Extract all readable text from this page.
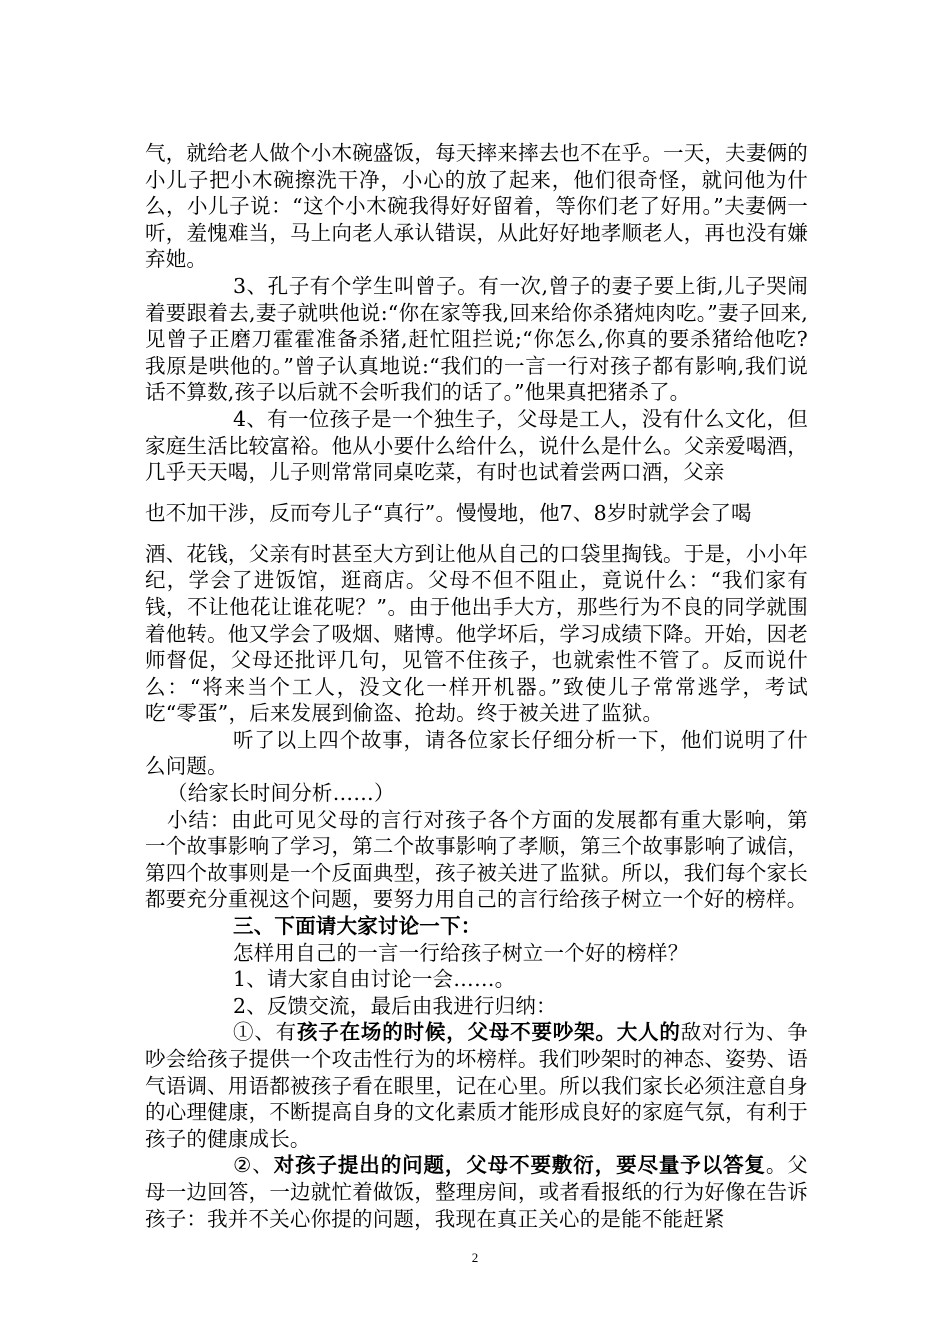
气，就给老人做个小木碗盛饭，每天摔来摔去也不在乎。一天，夫妻俩的小儿子把小木碗擦洗干净，小心的放了起来，他们很奇怪，就问他为什么，小儿子说：“这个小木碗我得好好留着，等你们老了好用。”夫妻俩一听，羞愧难当，马上向老人承认错误，从此好好地孝顺老人，再也没有嫌弃她。

3、孔子有个学生叫曾子。有一次,曾子的妻子要上街,儿子哭闹着要跟着去,妻子就哄他说:“你在家等我,回来给你杀猪炖肉吃。”妻子回来,见曾子正磨刀霍霍准备杀猪,赶忙阻拦说;“你怎么,你真的要杀猪给他吃?我原是哄他的。”曾子认真地说:“我们的一言一行对孩子都有影响,我们说话不算数,孩子以后就不会听我们的话了。”他果真把猪杀了。

4、有一位孩子是一个独生子，父母是工人，没有什么文化，但家庭生活比较富裕。他从小要什么给什么，说什么是什么。父亲爱喝酒，几乎天天喝，儿子则常常同桌吃菜，有时也试着尝两口酒，父亲

也不加干涉，反而夸儿子“真行”。慢慢地，他7、8岁时就学会了喝

酒、花钱，父亲有时甚至大方到让他从自己的口袋里掏钱。于是，小小年纪，学会了进饭馆，逛商店。父母不但不阻止，竟说什么：“我们家有钱，不让他花让谁花呢？”。由于他出手大方，那些行为不良的同学就围着他转。他又学会了吸烟、赌博。他学坏后，学习成绩下降。开始，因老师督促，父母还批评几句，见管不住孩子，也就索性不管了。反而说什么：“将来当个工人，没文化一样开机器。”致使儿子常常逃学，考试吃“零蛋”，后来发展到偷盗、抢劫。终于被关进了监狱。

听了以上四个故事，请各位家长仔细分析一下，他们说明了什么问题。

（给家长时间分析……）

小结：由此可见父母的言行对孩子各个方面的发展都有重大影响，第一个故事影响了学习，第二个故事影响了孝顺，第三个故事影响了诚信，第四个故事则是一个反面典型，孩子被关进了监狱。所以，我们每个家长都要充分重视这个问题，要努力用自己的言行给孩子树立一个好的榜样。

三、下面请大家讨论一下：

怎样用自己的一言一行给孩子树立一个好的榜样？

1、请大家自由讨论一会……。

2、反馈交流，最后由我进行归纳：

①、有孩子在场的时候，父母不要吵架。大人的敌对行为、争吵会给孩子提供一个攻击性行为的坏榜样。我们吵架时的神态、姿势、语气语调、用语都被孩子看在眼里，记在心里。所以我们家长必须注意自身的心理健康，不断提高自身的文化素质才能形成良好的家庭气氛，有利于孩子的健康成长。

②、对孩子提出的问题，父母不要敷衍，要尽量予以答复。父母一边回答，一边就忙着做饭，整理房间，或者看报纸的行为好像在告诉孩子：我并不关心你提的问题，我现在真正关心的是能不能赶紧

2
